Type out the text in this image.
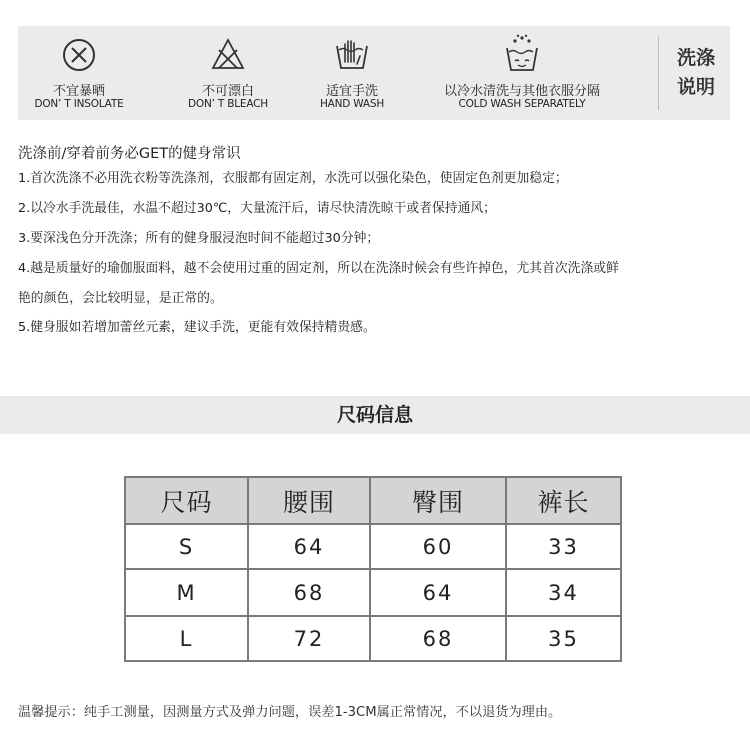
不宜暴晒
DON’ T INSOLATE
不可漂白
DON’ T BLEACH
适宜手洗
HAND WASH
以冷水清洗与其他衣服分隔
COLD WASH SEPARATELY
洗涤
说明
洗涤前/穿着前务必GET的健身常识
1.首次洗涤不必用洗衣粉等洗涤剂，衣服都有固定剂，水洗可以强化染色，使固定色剂更加稳定；
2.以冷水手洗最佳，水温不超过30℃，大量流汗后，请尽快清洗晾干或者保持通风；
3.要深浅色分开洗涤；所有的健身服浸泡时间不能超过30分钟；
4.越是质量好的瑜伽服面料，越不会使用过重的固定剂，所以在洗涤时候会有些许掉色，尤其首次洗涤或鲜
艳的颜色，会比较明显，是正常的。
5.健身服如若增加蕾丝元素，建议手洗，更能有效保持精贵感。
尺码信息
尺码	腰围	臀围	裤长
S	64	60	33
M	68	64	34
L	72	68	35
温馨提示：纯手工测量，因测量方式及弹力问题，误差1-3CM属正常情况，不以退货为理由。
